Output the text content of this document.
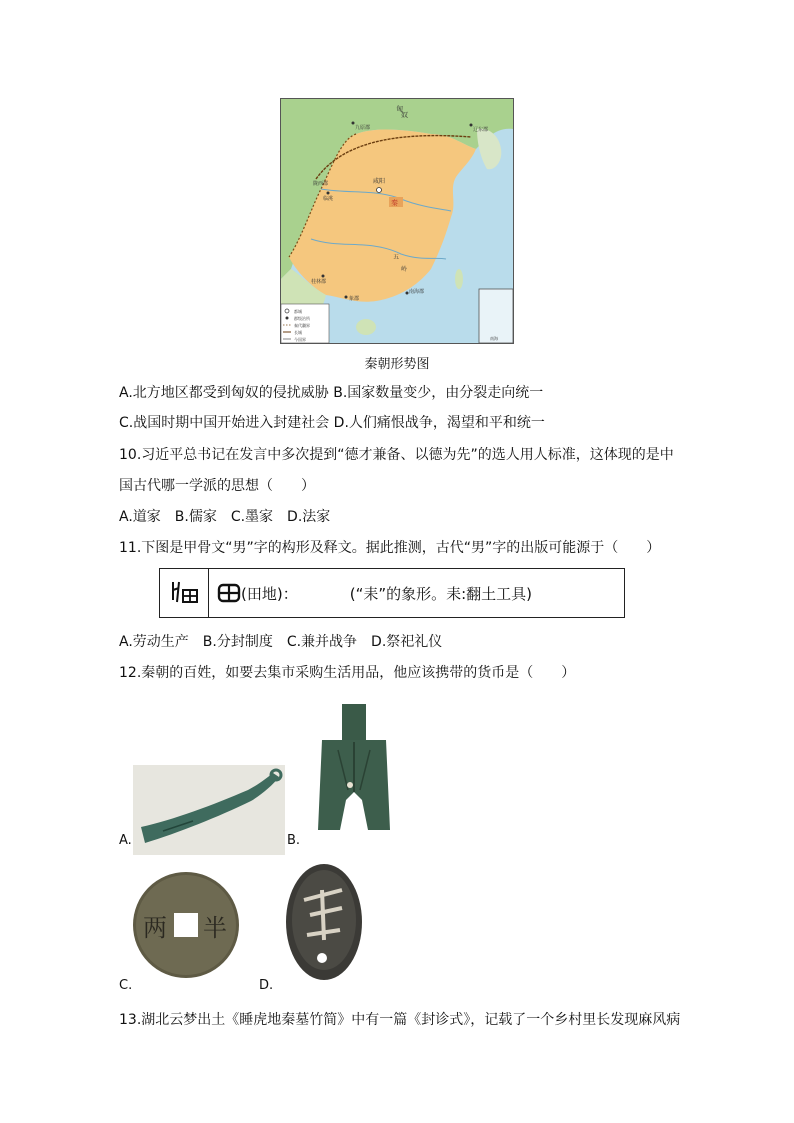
匈
奴
九原郡	辽东郡
陇西郡	咸阳
临洮	秦
五
岭
桂林郡
南海郡
象郡
南海
都城
郡级治所
秦代疆界
长城
今国界
秦朝形势图
A.北方地区都受到匈奴的侵扰威胁 B.国家数量变少，由分裂走向统一
C.战国时期中国开始进入封建社会 D.人们痛恨战争，渴望和平和统一
10.习近平总书记在发言中多次提到“德才兼备、以德为先”的选人用人标准，这体现的是中
国古代哪一学派的思想（　　）
A.道家　B.儒家　C.墨家　D.法家
11.下图是甲骨文“男”字的构形及释文。据此推测，古代“男”字的出版可能源于（　　）
(田地)：	(“耒”的象形。耒:翻土工具)
A.劳动生产　B.分封制度　C.兼并战争　D.祭祀礼仪
12.秦朝的百姓，如要去集市采购生活用品，他应该携带的货币是（　　）
A.	B.
两 半
C.	D.
13.湖北云梦出土《睡虎地秦墓竹简》中有一篇《封诊式》，记载了一个乡村里长发现麻风病
